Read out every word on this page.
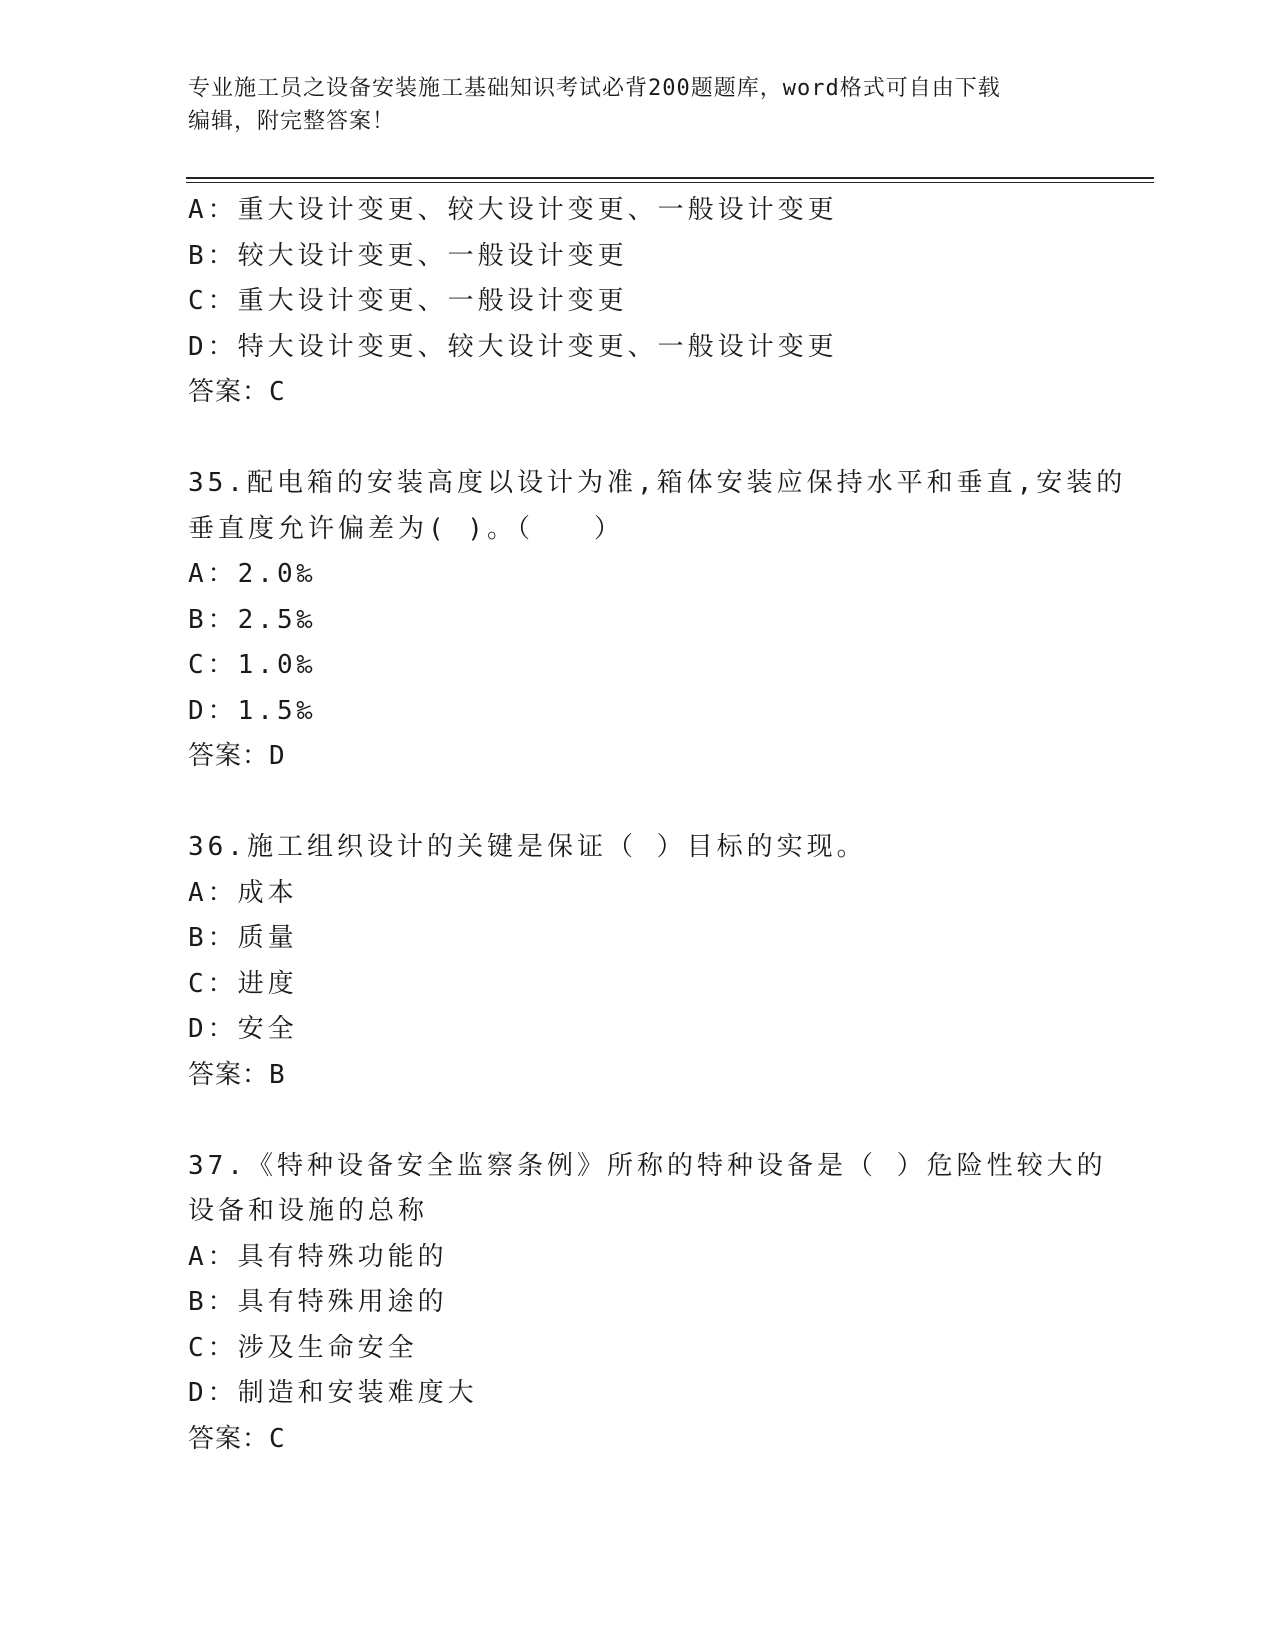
专业施工员之设备安装施工基础知识考试必背200题题库，word格式可自由下载
编辑，附完整答案！
A：重大设计变更、较大设计变更、一般设计变更
B：较大设计变更、一般设计变更
C：重大设计变更、一般设计变更
D：特大设计变更、较大设计变更、一般设计变更
答案：C
35.配电箱的安装高度以设计为准,箱体安装应保持水平和垂直,安装的
垂直度允许偏差为( )。（　　）
A：2.0‰
B：2.5‰
C：1.0‰
D：1.5‰
答案：D
36.施工组织设计的关键是保证（ ）目标的实现。
A：成本
B：质量
C：进度
D：安全
答案：B
37.《特种设备安全监察条例》所称的特种设备是（ ）危险性较大的
设备和设施的总称
A：具有特殊功能的
B：具有特殊用途的
C：涉及生命安全
D：制造和安装难度大
答案：C
